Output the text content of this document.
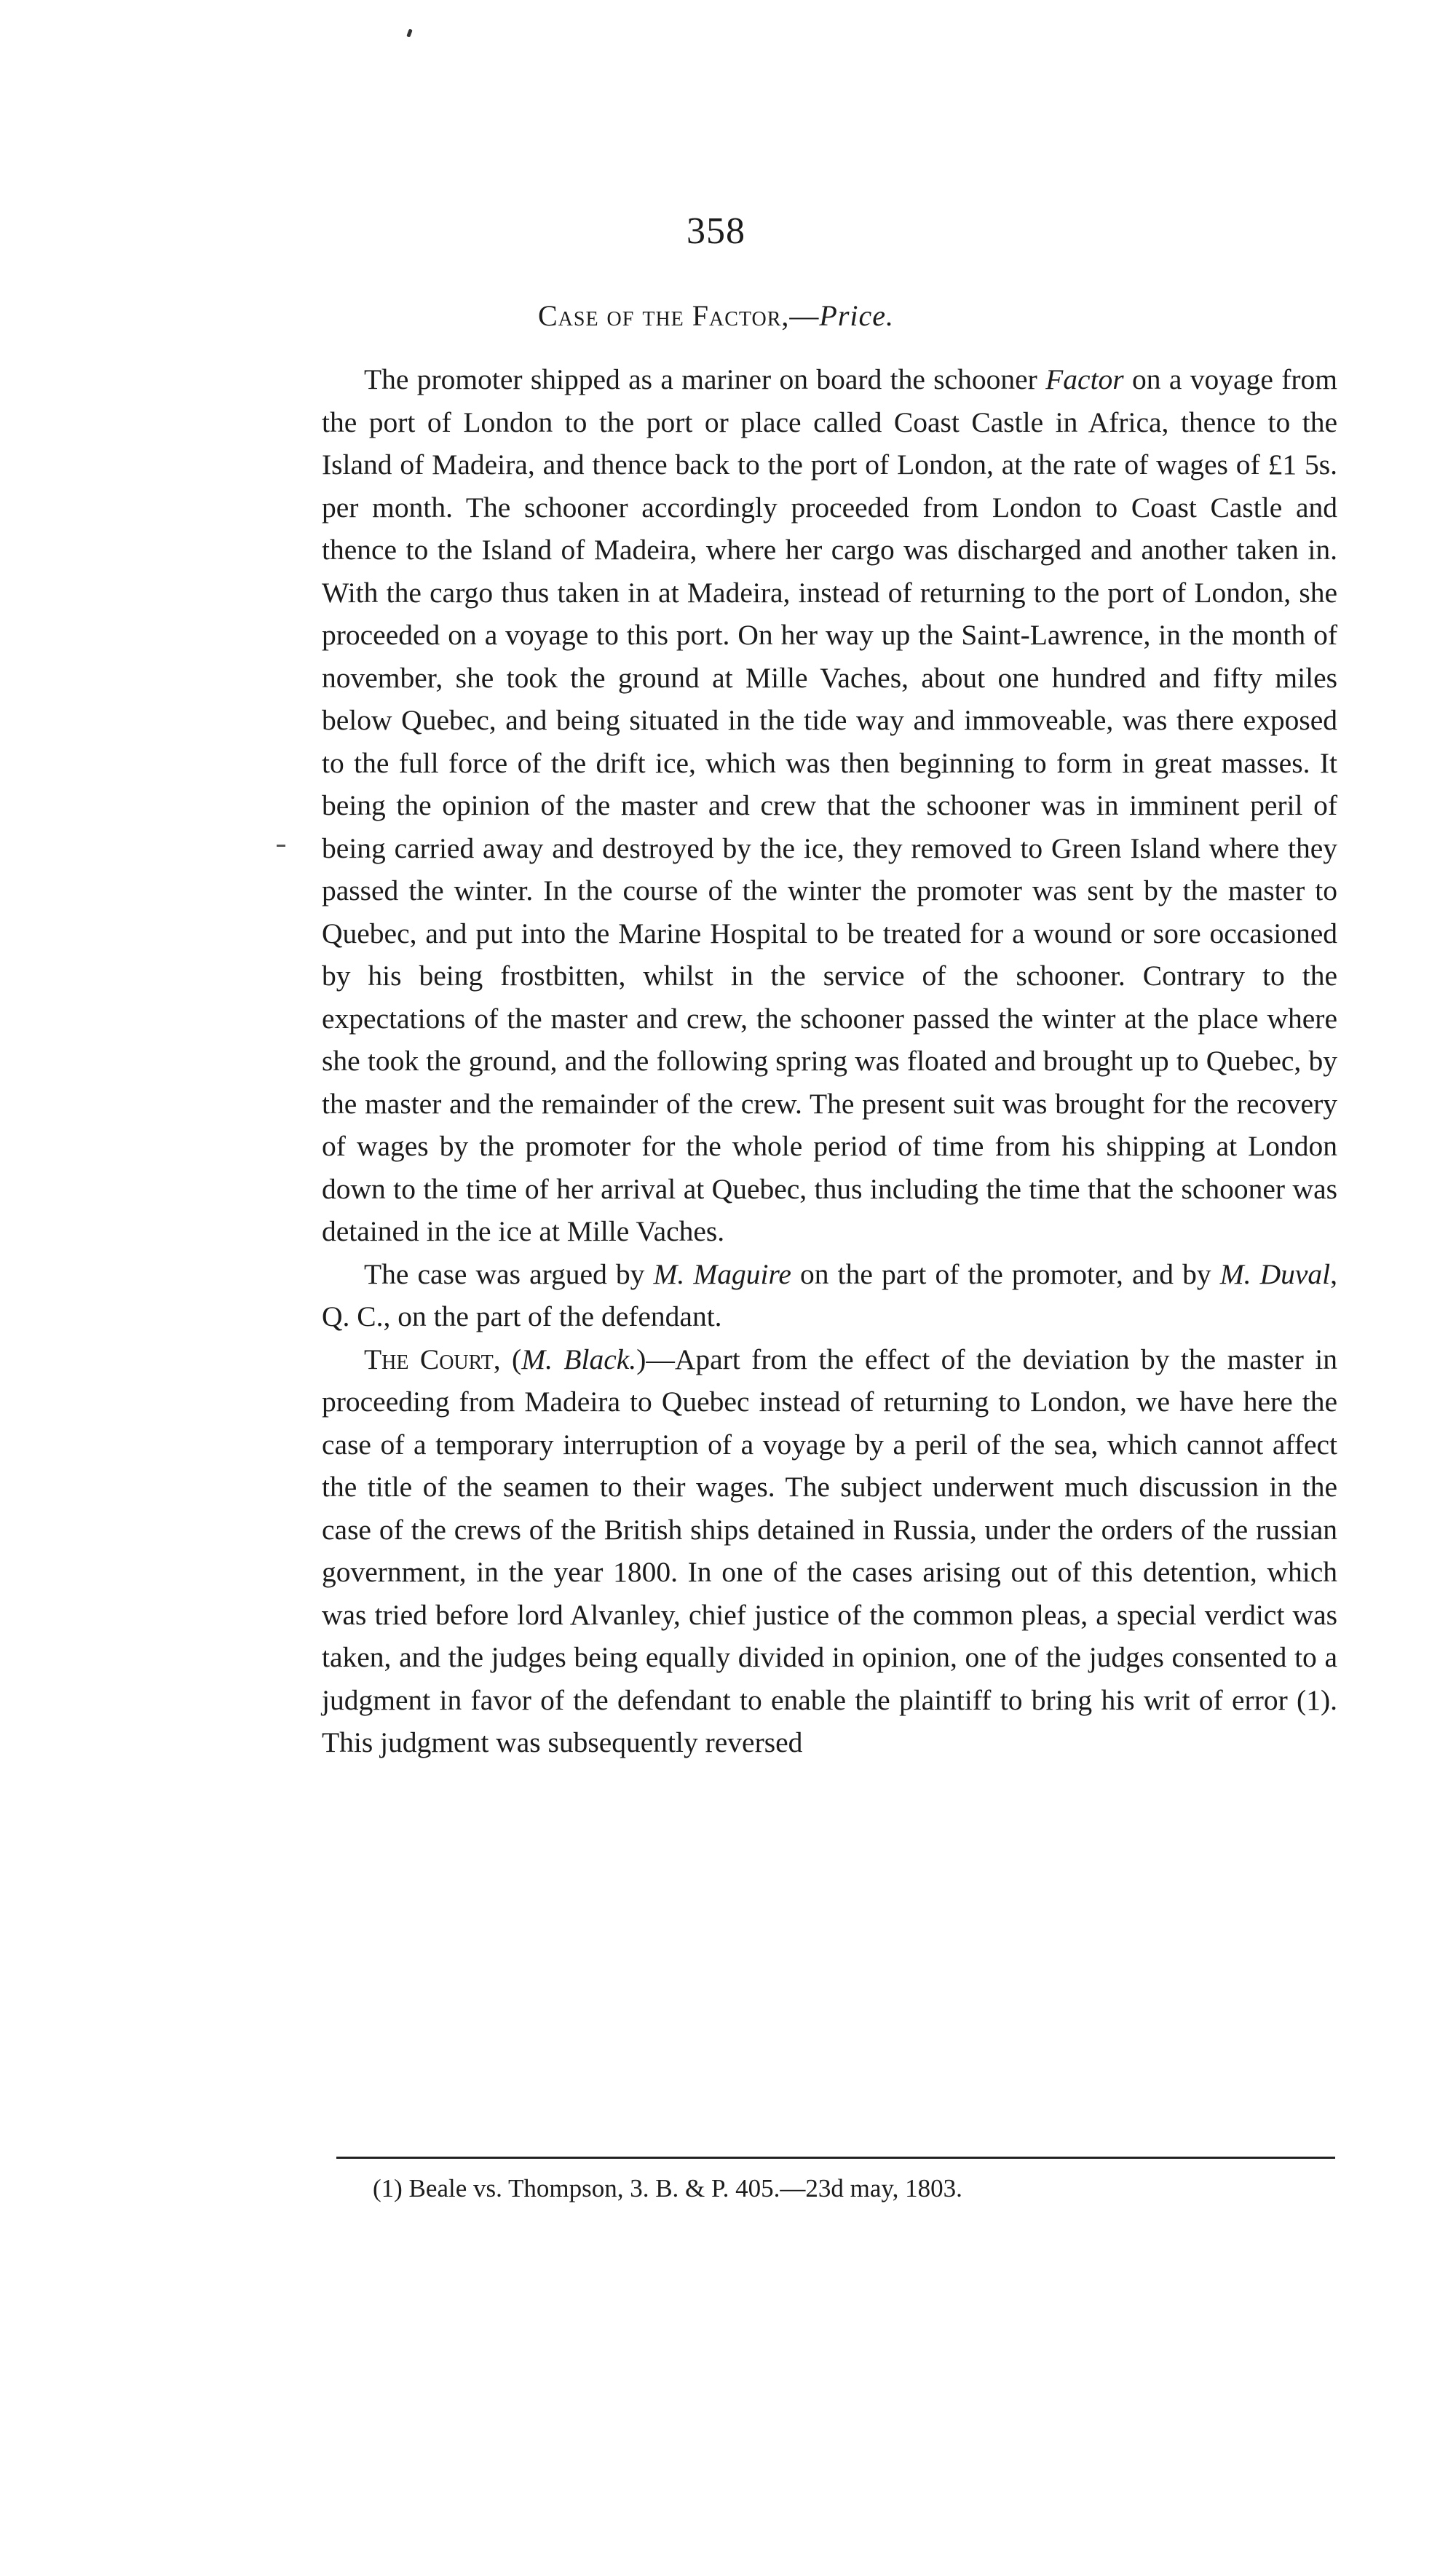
358
Case of the Factor,—Price.

The promoter shipped as a mariner on board the schooner Factor on a voyage from the port of London to the port or place called Coast Castle in Africa, thence to the Island of Madeira, and thence back to the port of London, at the rate of wages of £1 5s. per month. The schooner accordingly proceeded from London to Coast Castle and thence to the Island of Madeira, where her cargo was discharged and another taken in. With the cargo thus taken in at Madeira, instead of returning to the port of London, she proceeded on a voyage to this port. On her way up the Saint-Lawrence, in the month of november, she took the ground at Mille Vaches, about one hundred and fifty miles below Quebec, and being situated in the tide way and immoveable, was there exposed to the full force of the drift ice, which was then beginning to form in great masses. It being the opinion of the master and crew that the schooner was in imminent peril of being carried away and destroyed by the ice, they removed to Green Island where they passed the winter. In the course of the winter the promoter was sent by the master to Quebec, and put into the Marine Hospital to be treated for a wound or sore occasioned by his being frostbitten, whilst in the service of the schooner. Contrary to the expectations of the master and crew, the schooner passed the winter at the place where she took the ground, and the following spring was floated and brought up to Quebec, by the master and the remainder of the crew. The present suit was brought for the recovery of wages by the promoter for the whole period of time from his shipping at London down to the time of her arrival at Quebec, thus including the time that the schooner was detained in the ice at Mille Vaches.

The case was argued by M. Maguire on the part of the promoter, and by M. Duval, Q. C., on the part of the defendant.

The Court, (M. Black.)—Apart from the effect of the deviation by the master in proceeding from Madeira to Quebec instead of returning to London, we have here the case of a temporary interruption of a voyage by a peril of the sea, which cannot affect the title of the seamen to their wages. The subject underwent much discussion in the case of the crews of the British ships detained in Russia, under the orders of the russian government, in the year 1800. In one of the cases arising out of this detention, which was tried before lord Alvanley, chief justice of the common pleas, a special verdict was taken, and the judges being equally divided in opinion, one of the judges consented to a judgment in favor of the defendant to enable the plaintiff to bring his writ of error (1). This judgment was subsequently reversed

(1) Beale vs. Thompson, 3. B. & P. 405.—23d may, 1803.
